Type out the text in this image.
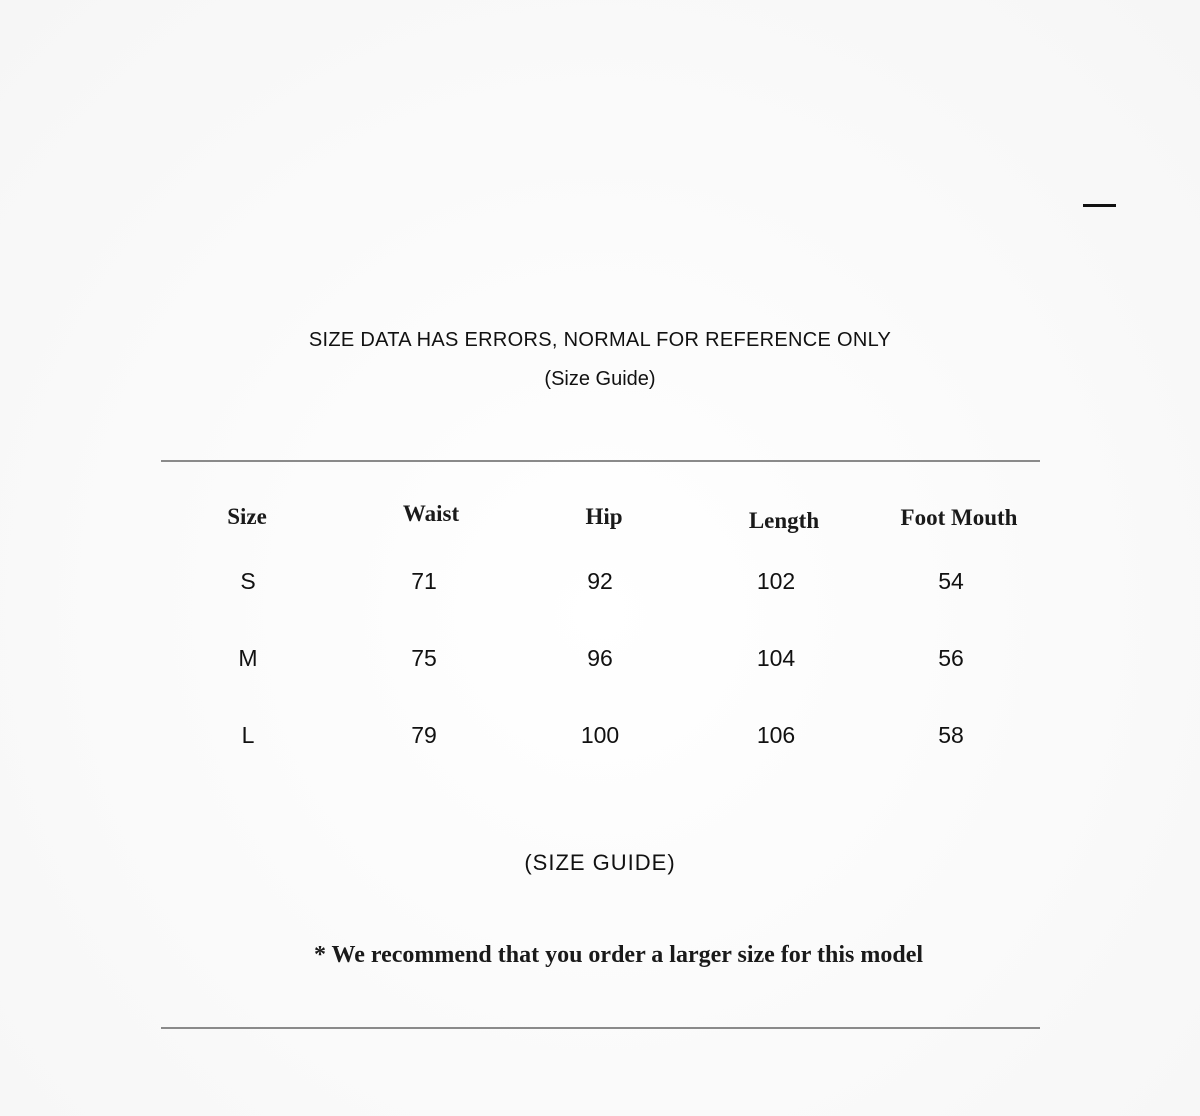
SIZE DATA HAS ERRORS, NORMAL FOR REFERENCE ONLY
(Size Guide)
Size	Waist	Hip	Length	Foot Mouth
S	71	92	102	54
M	75	96	104	56
L	79	100	106	58
(SIZE GUIDE)
* We recommend that you order a larger size for this model
